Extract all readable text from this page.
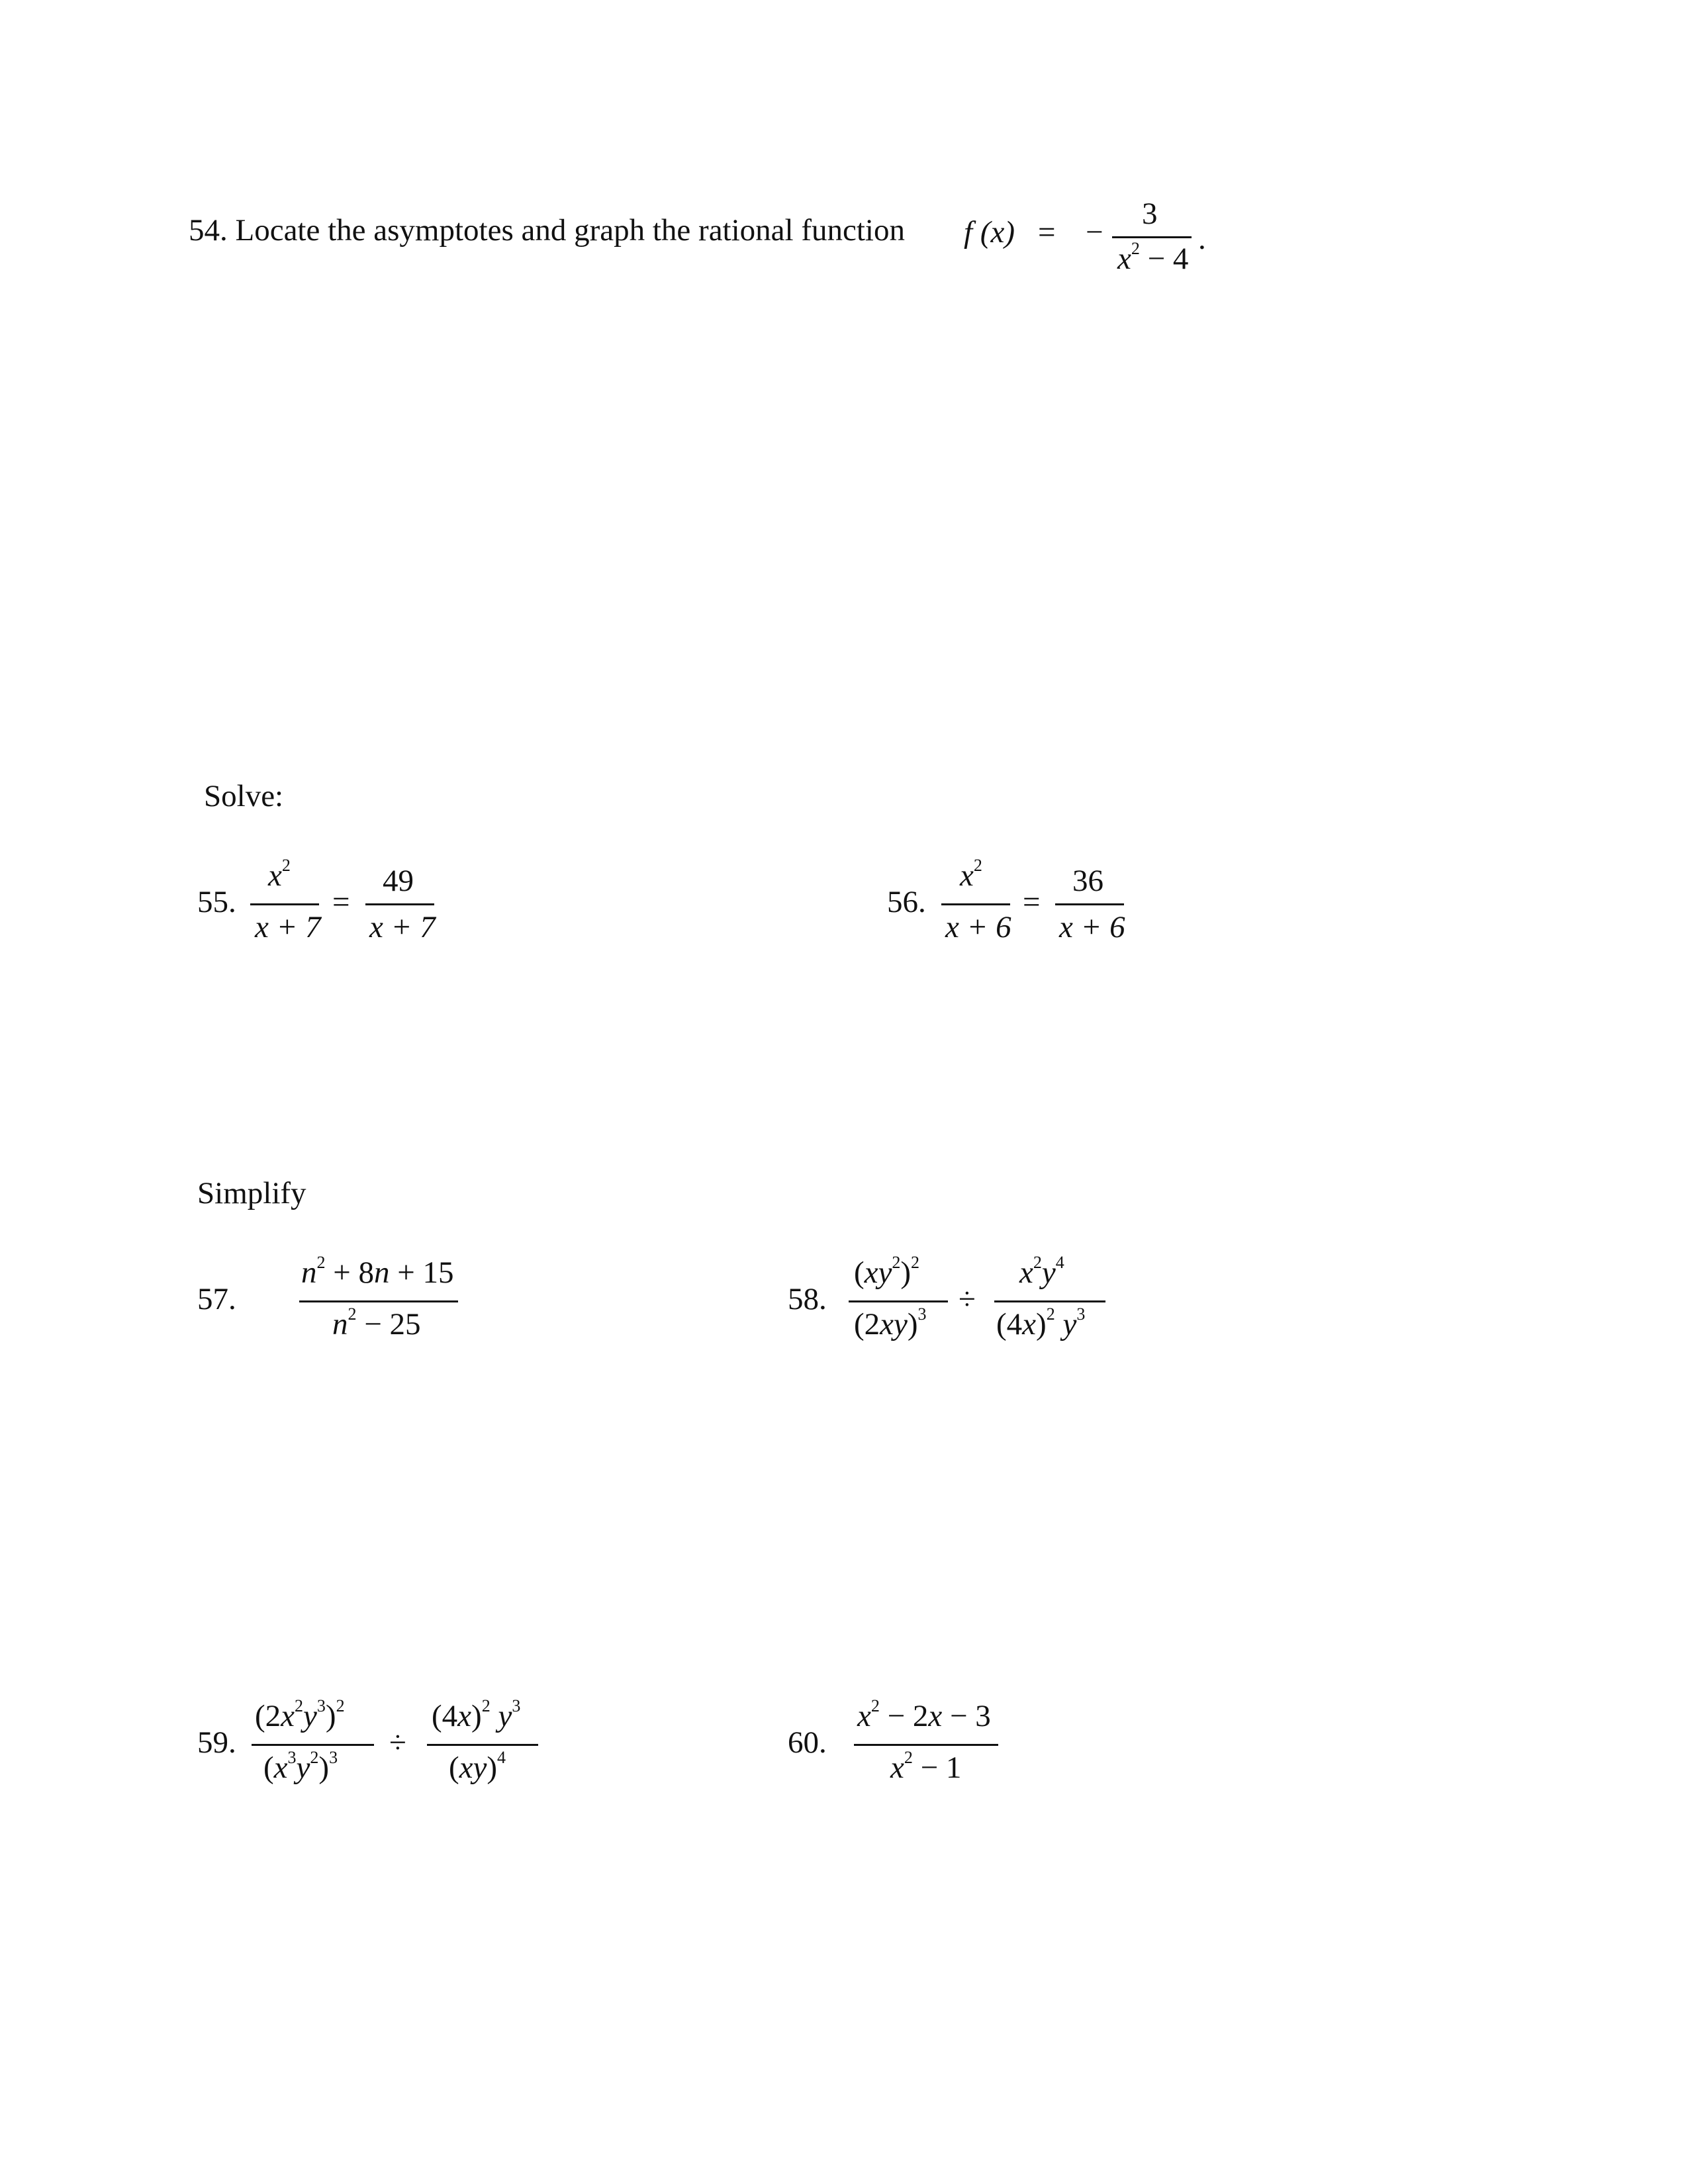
54. Locate the asymptotes and graph the rational function f (x) = −
3
$x^2 - 4$
.
Solve:
55.
$x^2$
x + 7
=
49
x + 7
56.
$x^2$
x + 6
=
36
x + 6
Simplify
57.
$n^2 + 8n + 15$
$n^2 - 25$
58.
$(xy^2)^2$
$(2xy)^3$ ÷
$x^2y^4$
$(4x)^2$ $y^3$
59.
$(2x^2y^3)^2$
$(x^3y^2)^3$ ÷
$(4x)^2$ $y^3$
(xy)$^4$	60.
$x^2 - 2x - 3$
$x^2 - 1$
